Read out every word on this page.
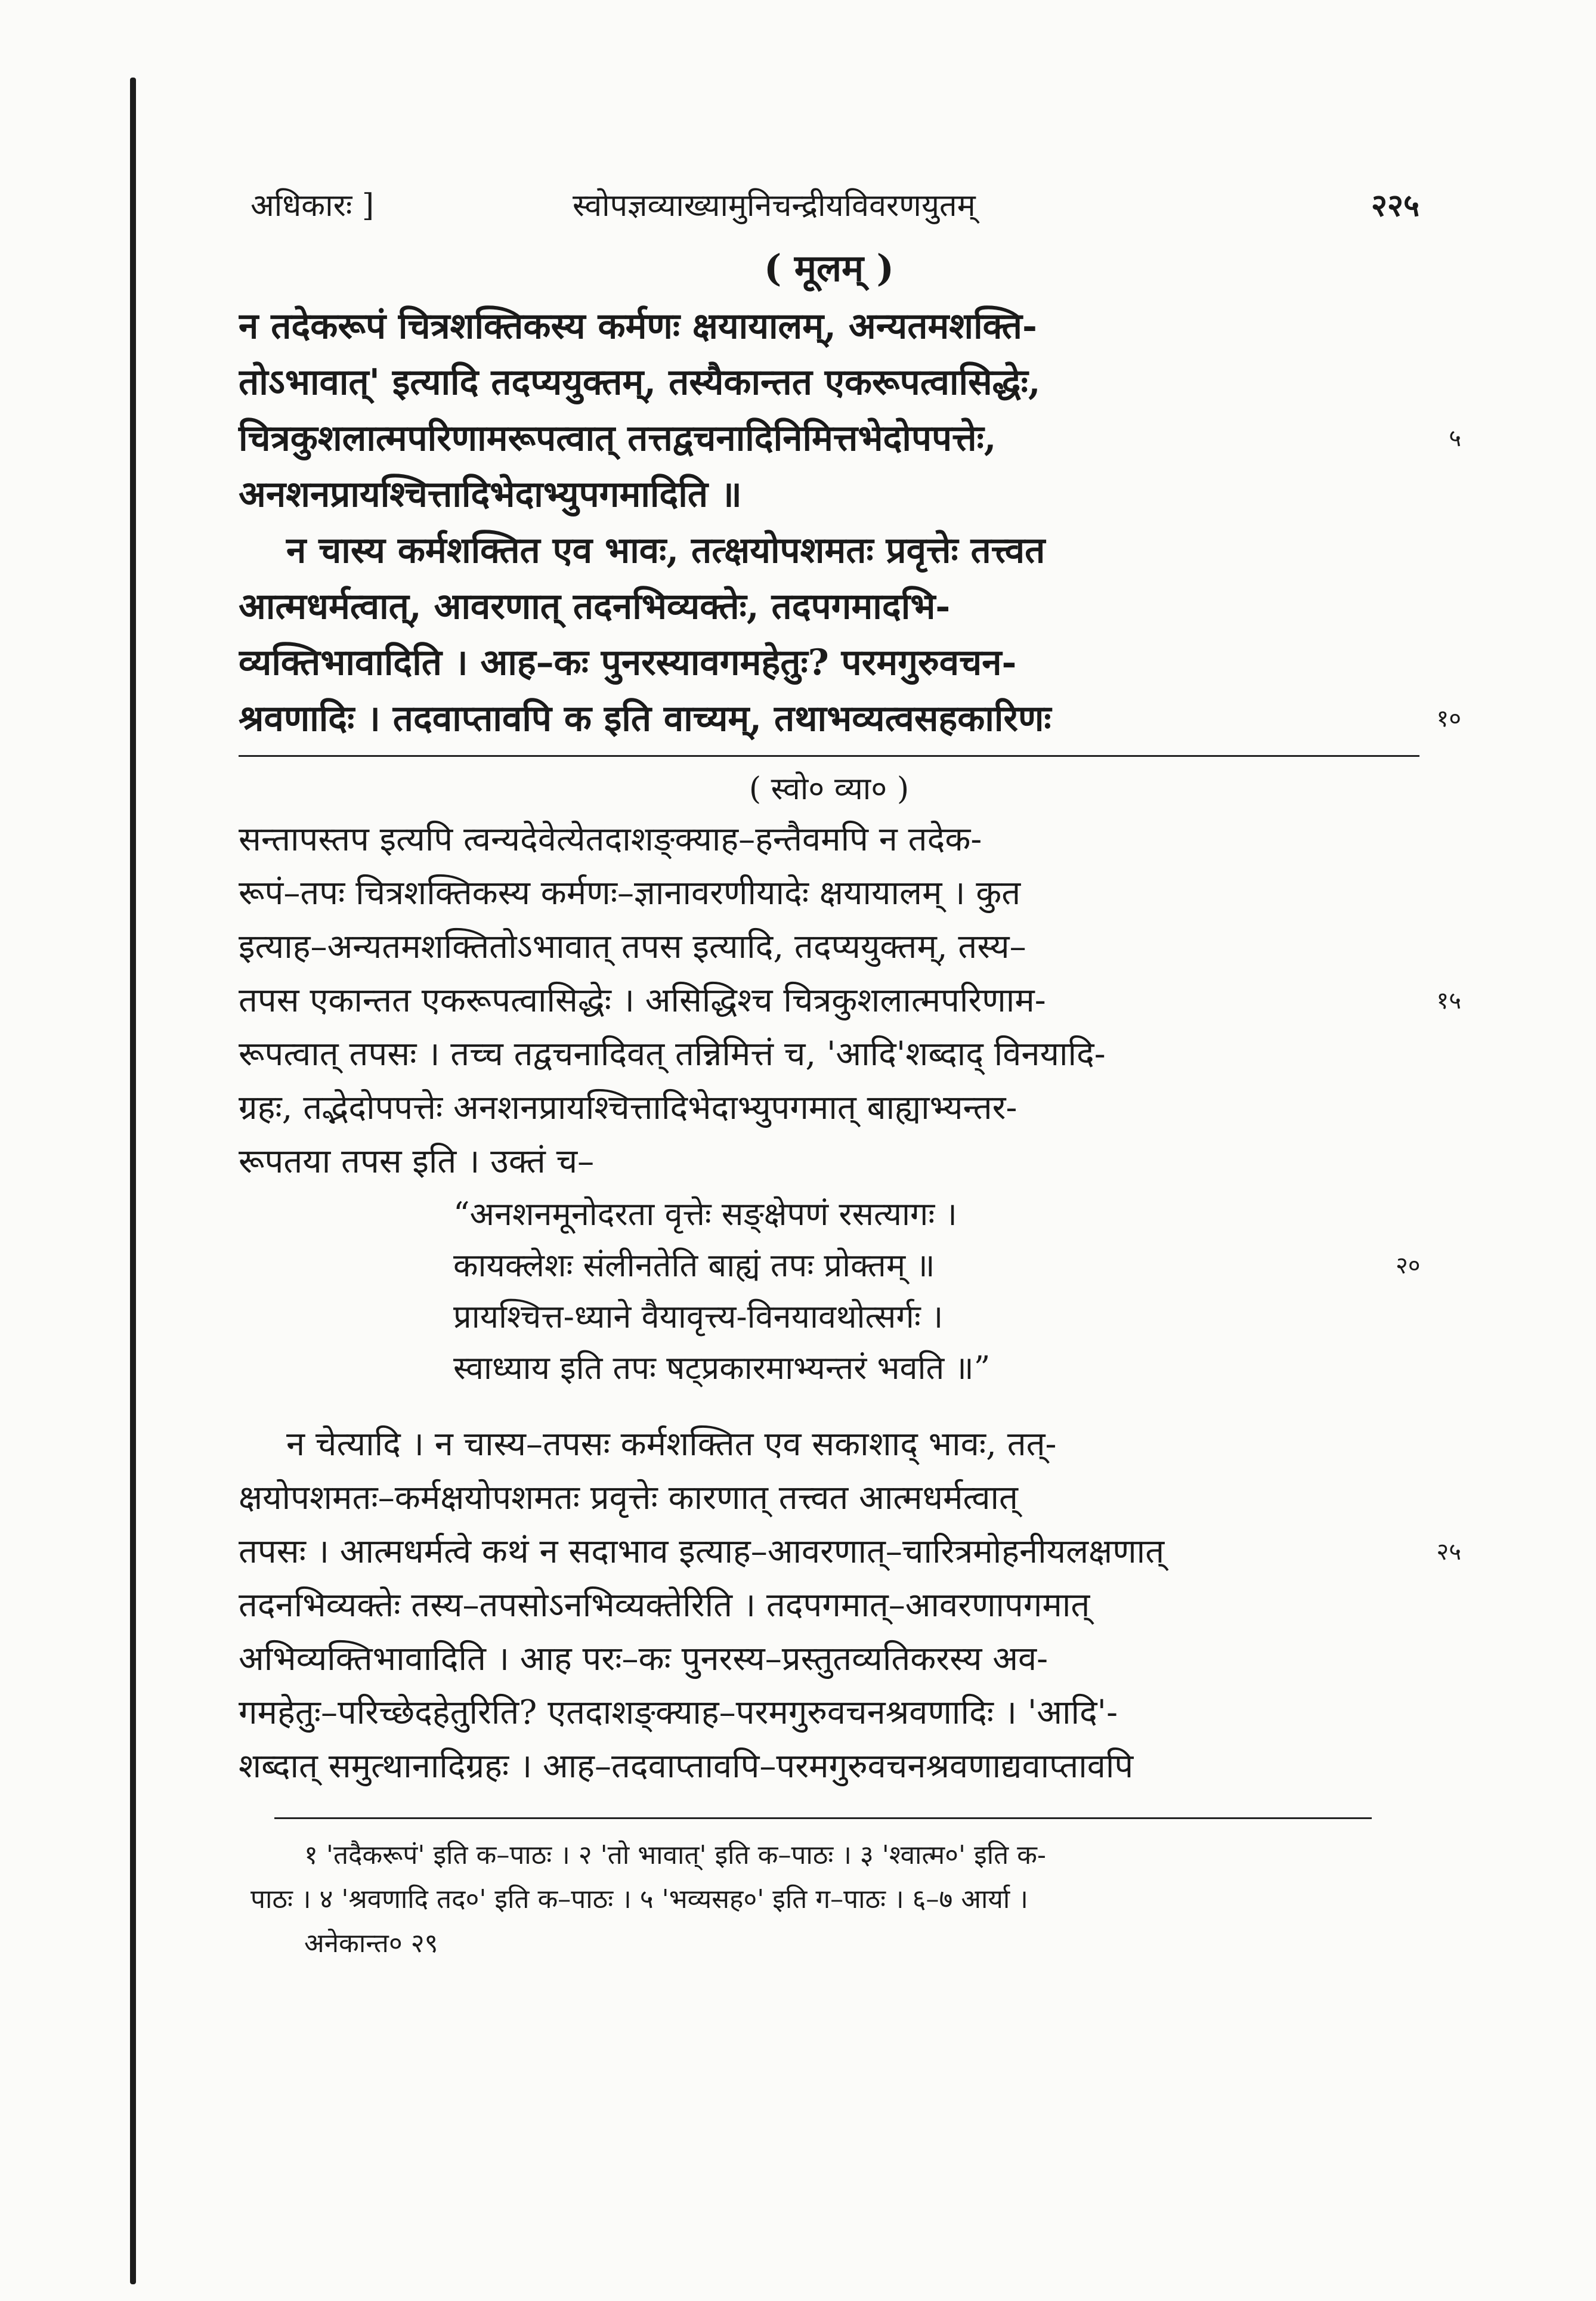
अधिकारः ]	स्वोपज्ञव्याख्यामुनिचन्द्रीयविवरणयुतम्	२२५
( मूलम् )
न तदेकरूपं चित्रशक्तिकस्य कर्मणः क्षयायालम्, अन्यतमशक्ति-
तोऽभावात्' इत्यादि तदप्ययुक्तम्, तस्यैकान्तत एकरूपत्वासिद्धेः,
चित्रकुशलात्मपरिणामरूपत्वात् तत्तद्वचनादिनिमित्तभेदोपपत्तेः,	५
अनशनप्रायश्चित्तादिभेदाभ्युपगमादिति ॥
न चास्य कर्मशक्तित एव भावः, तत्क्षयोपशमतः प्रवृत्तेः तत्त्वत
आत्मधर्मत्वात्, आवरणात् तदनभिव्यक्तेः, तदपगमादभि-
व्यक्तिभावादिति । आह–कः पुनरस्यावगमहेतुः? परमगुरुवचन-
श्रवणादिः । तदवाप्तावपि क इति वाच्यम्, तथाभव्यत्वसहकारिणः	१०
( स्वो० व्या० )
सन्तापस्तप इत्यपि त्वन्यदेवेत्येतदाशङ्क्याह–हन्तैवमपि न तदेक-
रूपं–तपः चित्रशक्तिकस्य कर्मणः–ज्ञानावरणीयादेः क्षयायालम् । कुत
इत्याह–अन्यतमशक्तितोऽभावात् तपस इत्यादि, तदप्ययुक्तम्, तस्य–
तपस एकान्तत एकरूपत्वासिद्धेः । असिद्धिश्च चित्रकुशलात्मपरिणाम-	१५
रूपत्वात् तपसः । तच्च तद्वचनादिवत् तन्निमित्तं च, 'आदि'शब्दाद् विनयादि-
ग्रहः, तद्भेदोपपत्तेः अनशनप्रायश्चित्तादिभेदाभ्युपगमात् बाह्याभ्यन्तर-
रूपतया तपस इति । उक्तं च–
“अनशनमूनोदरता वृत्तेः सङ्क्षेपणं रसत्यागः ।
कायक्लेशः संलीनतेति बाह्यं तपः प्रोक्तम् ॥
प्रायश्चित्त-ध्याने वैयावृत्त्य-विनयावथोत्सर्गः ।
स्वाध्याय इति तपः षट्प्रकारमाभ्यन्तरं भवति ॥”
२०
न चेत्यादि । न चास्य–तपसः कर्मशक्तित एव सकाशाद् भावः, तत्-
क्षयोपशमतः–कर्मक्षयोपशमतः प्रवृत्तेः कारणात् तत्त्वत आत्मधर्मत्वात्
तपसः । आत्मधर्मत्वे कथं न सदाभाव इत्याह–आवरणात्–चारित्रमोहनीयलक्षणात्	२५
तदनभिव्यक्तेः तस्य–तपसोऽनभिव्यक्तेरिति । तदपगमात्–आवरणापगमात्
अभिव्यक्तिभावादिति । आह परः–कः पुनरस्य–प्रस्तुतव्यतिकरस्य अव-
गमहेतुः–परिच्छेदहेतुरिति? एतदाशङ्क्याह–परमगुरुवचनश्रवणादिः । 'आदि'-
शब्दात् समुत्थानादिग्रहः । आह–तदवाप्तावपि–परमगुरुवचनश्रवणाद्यवाप्तावपि
१ 'तदैकरूपं' इति क–पाठः । २ 'तो भावात्' इति क–पाठः । ३ 'श्वात्म०' इति क-
पाठः । ४ 'श्रवणादि तद०' इति क–पाठः । ५ 'भव्यसह०' इति ग–पाठः । ६–७ आर्या ।
अनेकान्त० २९
